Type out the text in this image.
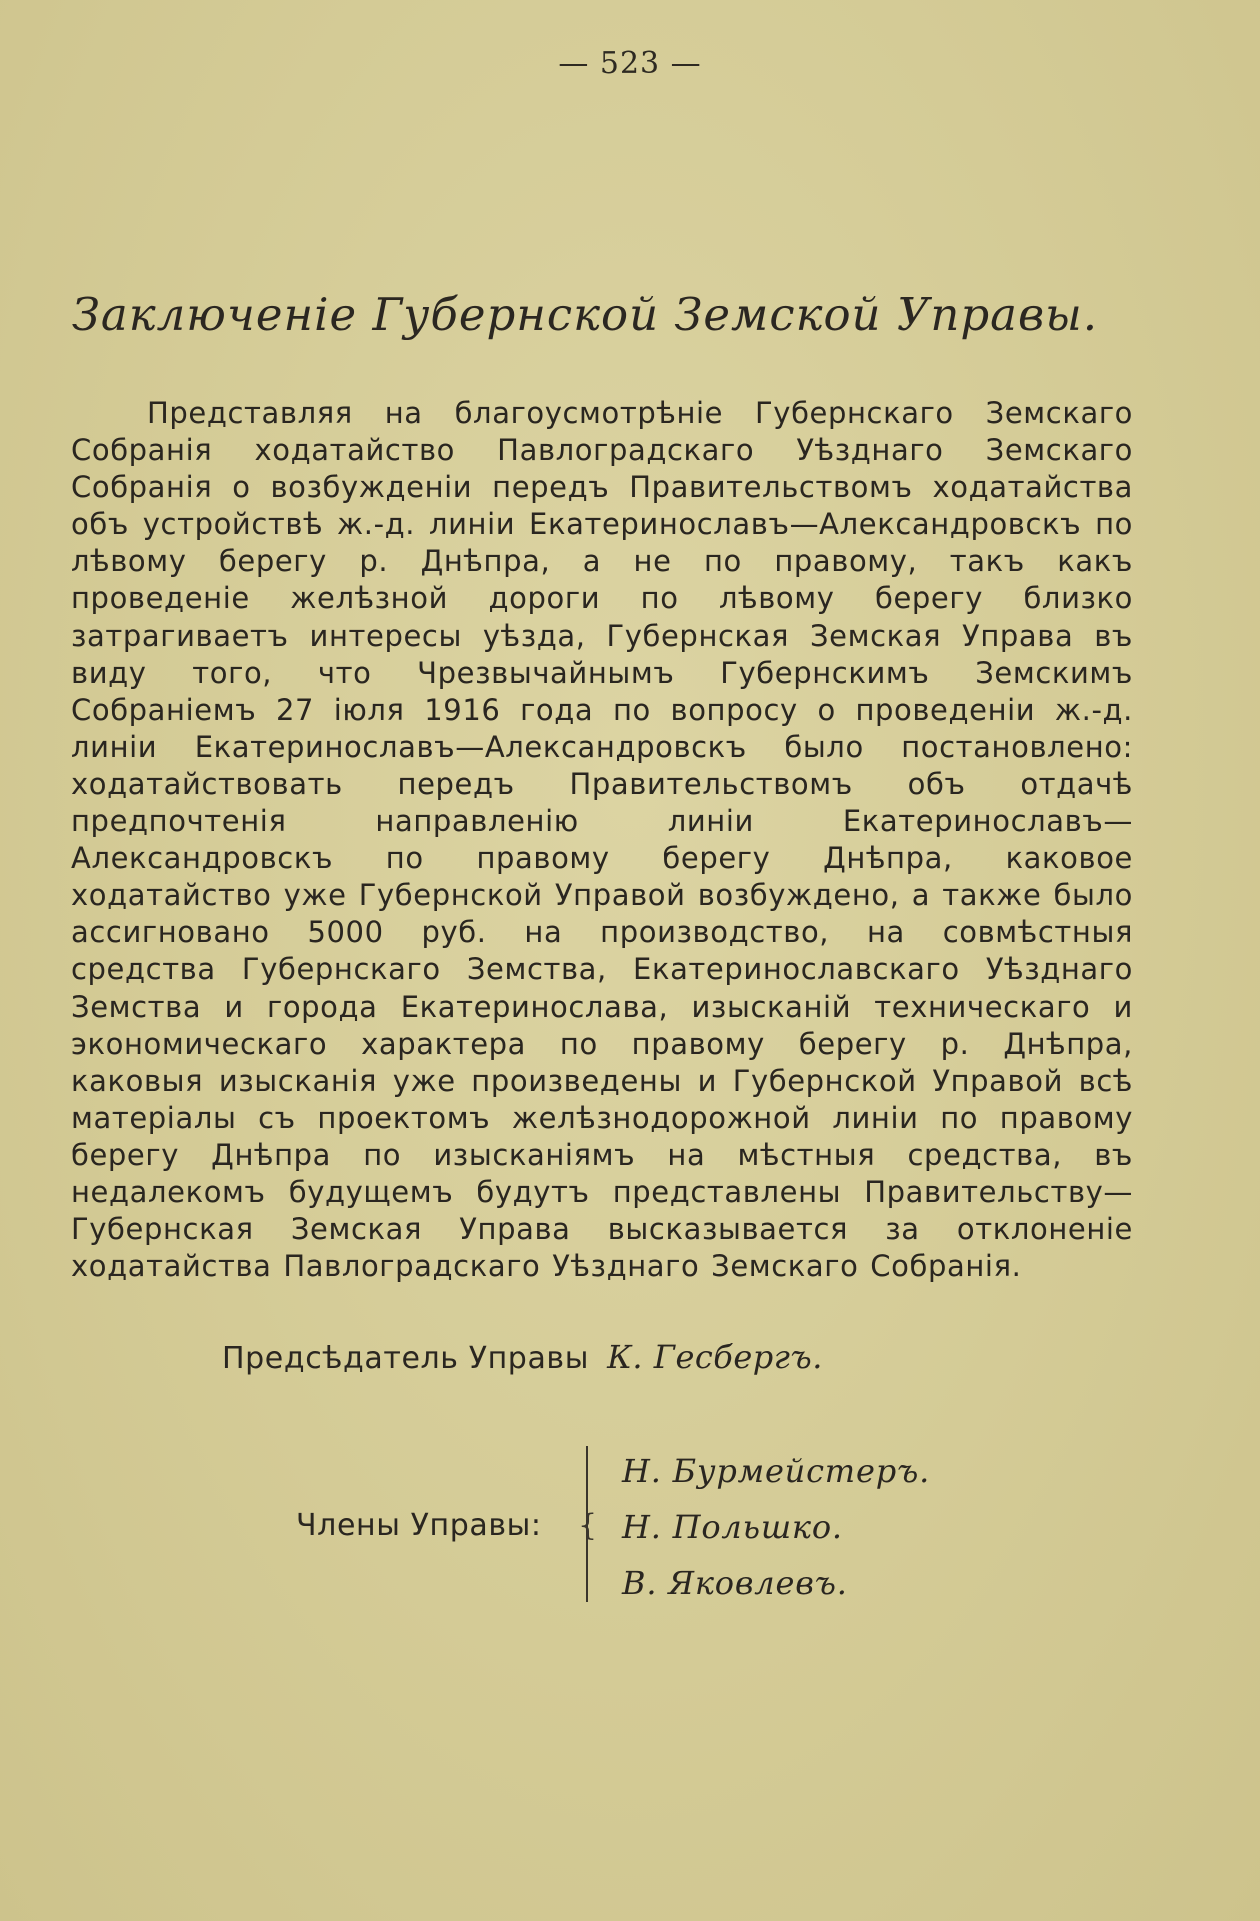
— 523 —
Заключеніе Губернской Земской Управы.

Представляя на благоусмотрѣніе Губернскаго Земскаго Собранія ходатайство Павлоградскаго Уѣзднаго Земскаго Собранія о возбужденіи передъ Правительствомъ ходатайства объ устройствѣ ж.-д. линіи Екатеринославъ—Александровскъ по лѣвому берегу р. Днѣпра, а не по правому, такъ какъ проведеніе желѣзной дороги по лѣвому берегу близко затрагиваетъ интересы уѣзда, Губернская Земская Управа въ виду того, что Чрезвычайнымъ Губернскимъ Земскимъ Собраніемъ 27 іюля 1916 года по вопросу о проведеніи ж.-д. линіи Екатеринославъ—Александровскъ было постановлено: ходатайствовать передъ Правительствомъ объ отдачѣ предпочтенія направленію линіи Екатеринославъ—Александровскъ по правому берегу Днѣпра, каковое ходатайство уже Губернской Управой возбуждено, а также было ассигновано 5000 руб. на производство, на совмѣстныя средства Губернскаго Земства, Екатеринославскаго Уѣзднаго Земства и города Екатеринослава, изысканій техническаго и экономическаго характера по правому берегу р. Днѣпра, каковыя изысканія уже произведены и Губернской Управой всѣ матеріалы съ проектомъ желѣзнодорожной линіи по правому берегу Днѣпра по изысканіямъ на мѣстныя средства, въ недалекомъ будущемъ будутъ представлены Правительству—Губернская Земская Управа высказывается за отклоненіе ходатайства Павлоградскаго Уѣзднаго Земскаго Собранія.

Предсѣдатель Управы К. Гесбергъ.
Члены Управы: {
Н. Бурмейстеръ.
Н. Польшко.
В. Яковлевъ.
